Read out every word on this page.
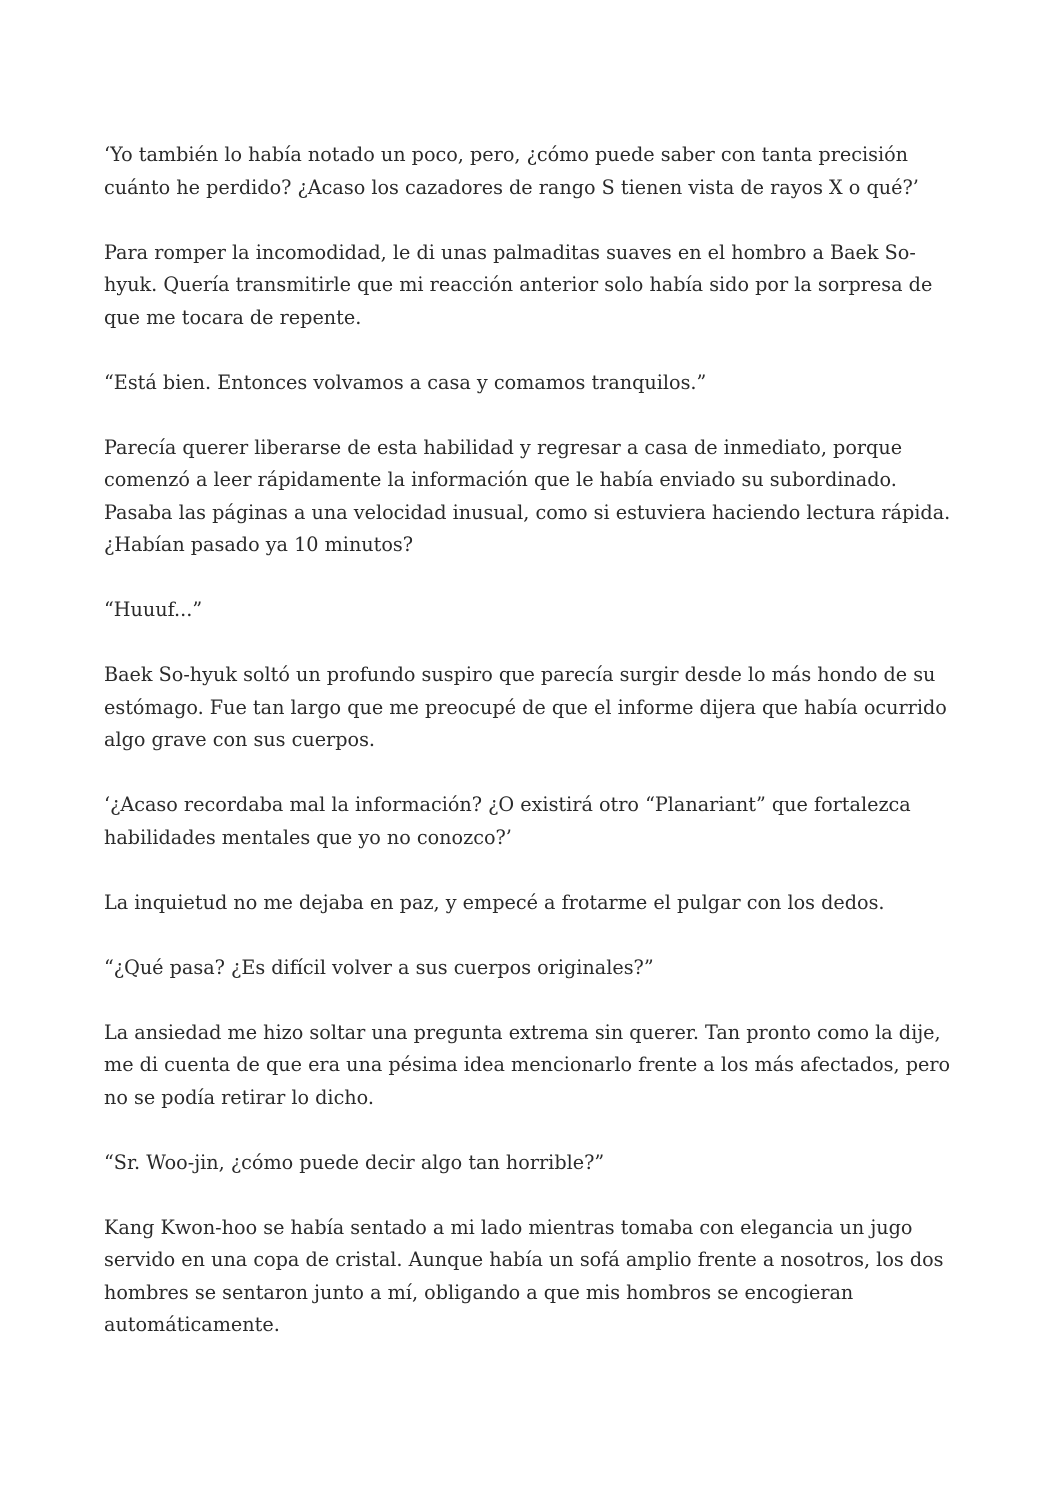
‘Yo también lo había notado un poco, pero, ¿cómo puede saber con tanta precisión cuánto he perdido? ¿Acaso los cazadores de rango S tienen vista de rayos X o qué?’

Para romper la incomodidad, le di unas palmaditas suaves en el hombro a Baek So-hyuk. Quería transmitirle que mi reacción anterior solo había sido por la sorpresa de que me tocara de repente.

“Está bien. Entonces volvamos a casa y comamos tranquilos.”

Parecía querer liberarse de esta habilidad y regresar a casa de inmediato, porque comenzó a leer rápidamente la información que le había enviado su subordinado. Pasaba las páginas a una velocidad inusual, como si estuviera haciendo lectura rápida. ¿Habían pasado ya 10 minutos?

“Huuuf...”

Baek So-hyuk soltó un profundo suspiro que parecía surgir desde lo más hondo de su estómago. Fue tan largo que me preocupé de que el informe dijera que había ocurrido algo grave con sus cuerpos.

‘¿Acaso recordaba mal la información? ¿O existirá otro “Planariant” que fortalezca habilidades mentales que yo no conozco?’

La inquietud no me dejaba en paz, y empecé a frotarme el pulgar con los dedos.

“¿Qué pasa? ¿Es difícil volver a sus cuerpos originales?”

La ansiedad me hizo soltar una pregunta extrema sin querer. Tan pronto como la dije, me di cuenta de que era una pésima idea mencionarlo frente a los más afectados, pero no se podía retirar lo dicho.

“Sr. Woo-jin, ¿cómo puede decir algo tan horrible?”

Kang Kwon-hoo se había sentado a mi lado mientras tomaba con elegancia un jugo servido en una copa de cristal. Aunque había un sofá amplio frente a nosotros, los dos hombres se sentaron junto a mí, obligando a que mis hombros se encogieran automáticamente.
